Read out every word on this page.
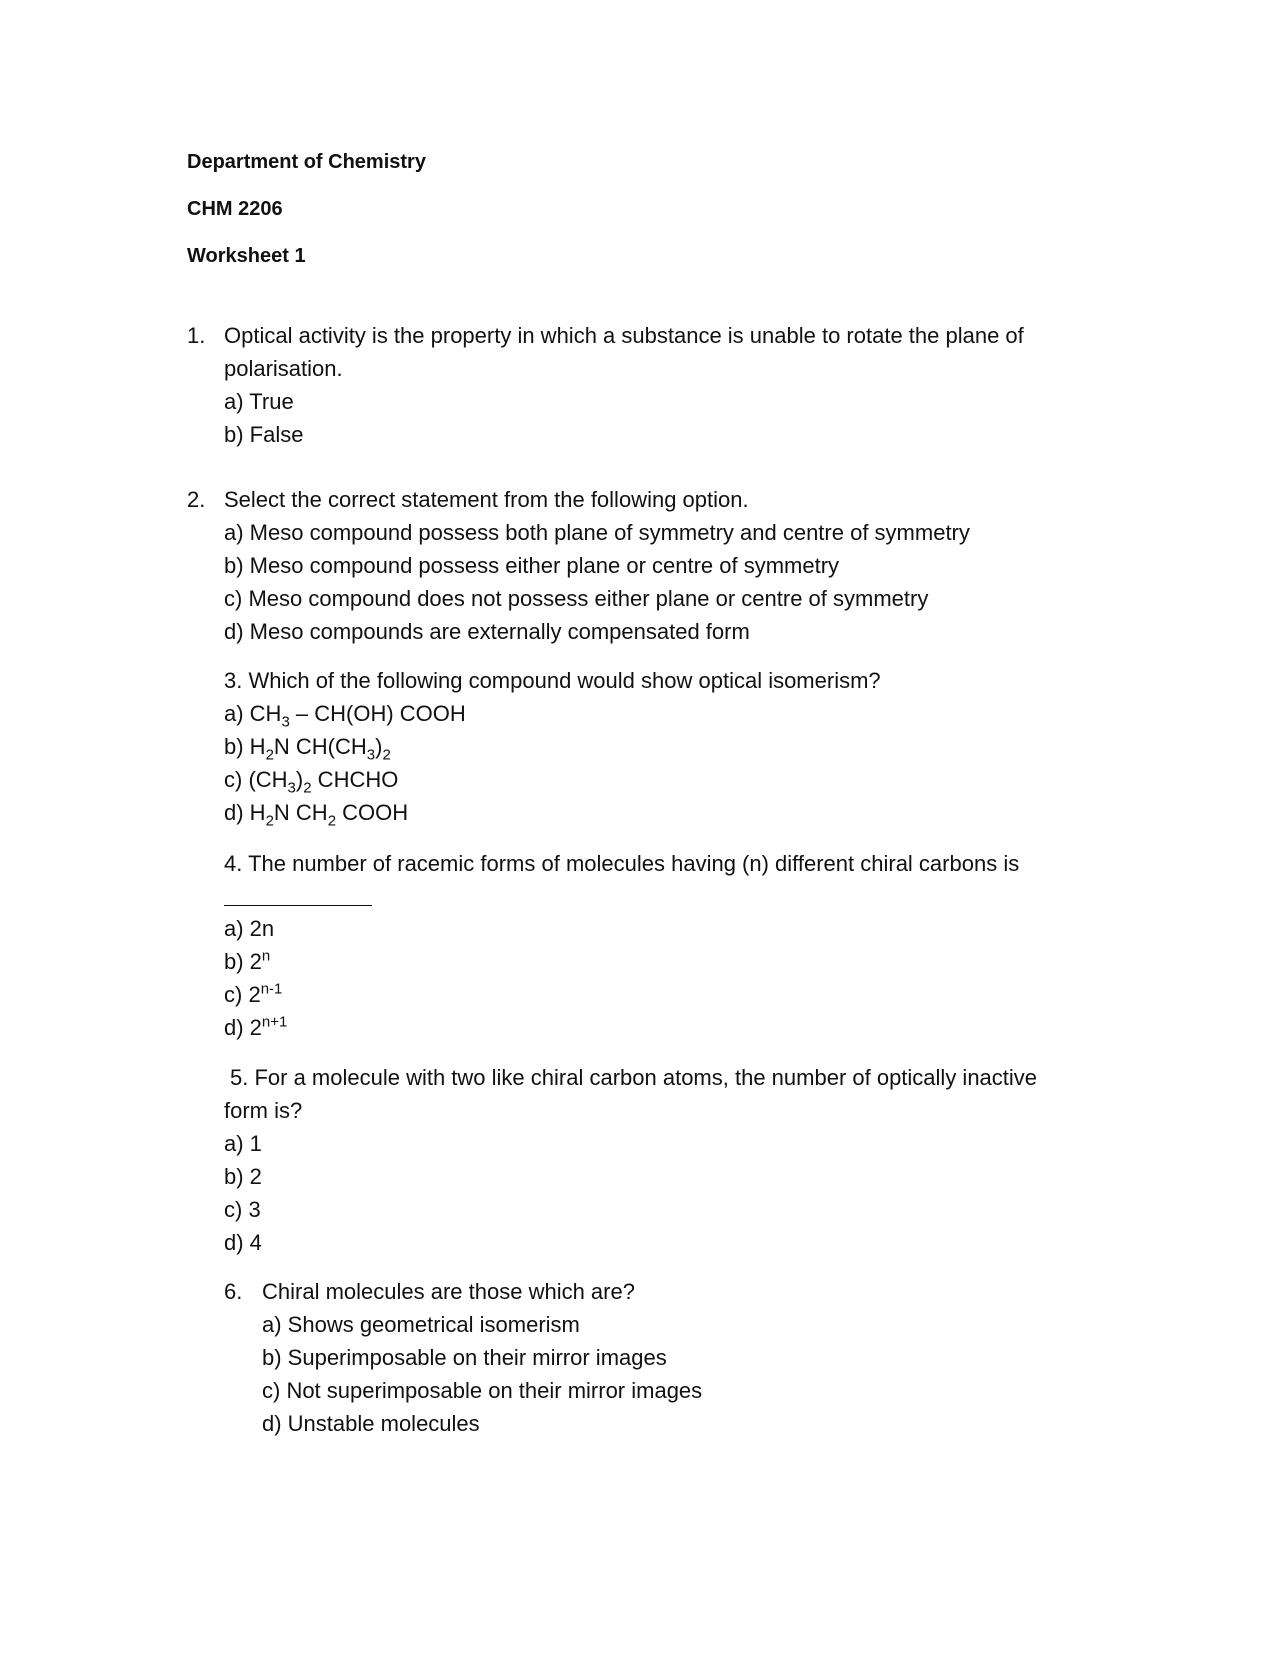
Department of Chemistry
CHM 2206
Worksheet 1
1. Optical activity is the property in which a substance is unable to rotate the plane of
polarisation.
a) True
b) False
2. Select the correct statement from the following option.
a) Meso compound possess both plane of symmetry and centre of symmetry
b) Meso compound possess either plane or centre of symmetry
c) Meso compound does not possess either plane or centre of symmetry
d) Meso compounds are externally compensated form
3. Which of the following compound would show optical isomerism?
a) $CH_3 - CH(OH)$ COOH
b) $H_2N$ $CH(CH_3)_2$
c) $(CH_3)_2$ CHCHO
d) $H_2N$ $CH_2$ COOH
4. The number of racemic forms of molecules having (n) different chiral carbons is
a) 2n
b) 2$^n$
c) 2$^{n-1}$
d) $2^{n+1}$
5. For a molecule with two like chiral carbon atoms, the number of optically inactive
form is?
a) 1
b) 2
c) 3
d) 4
6. Chiral molecules are those which are?
a) Shows geometrical isomerism
b) Superimposable on their mirror images
c) Not superimposable on their mirror images
d) Unstable molecules
